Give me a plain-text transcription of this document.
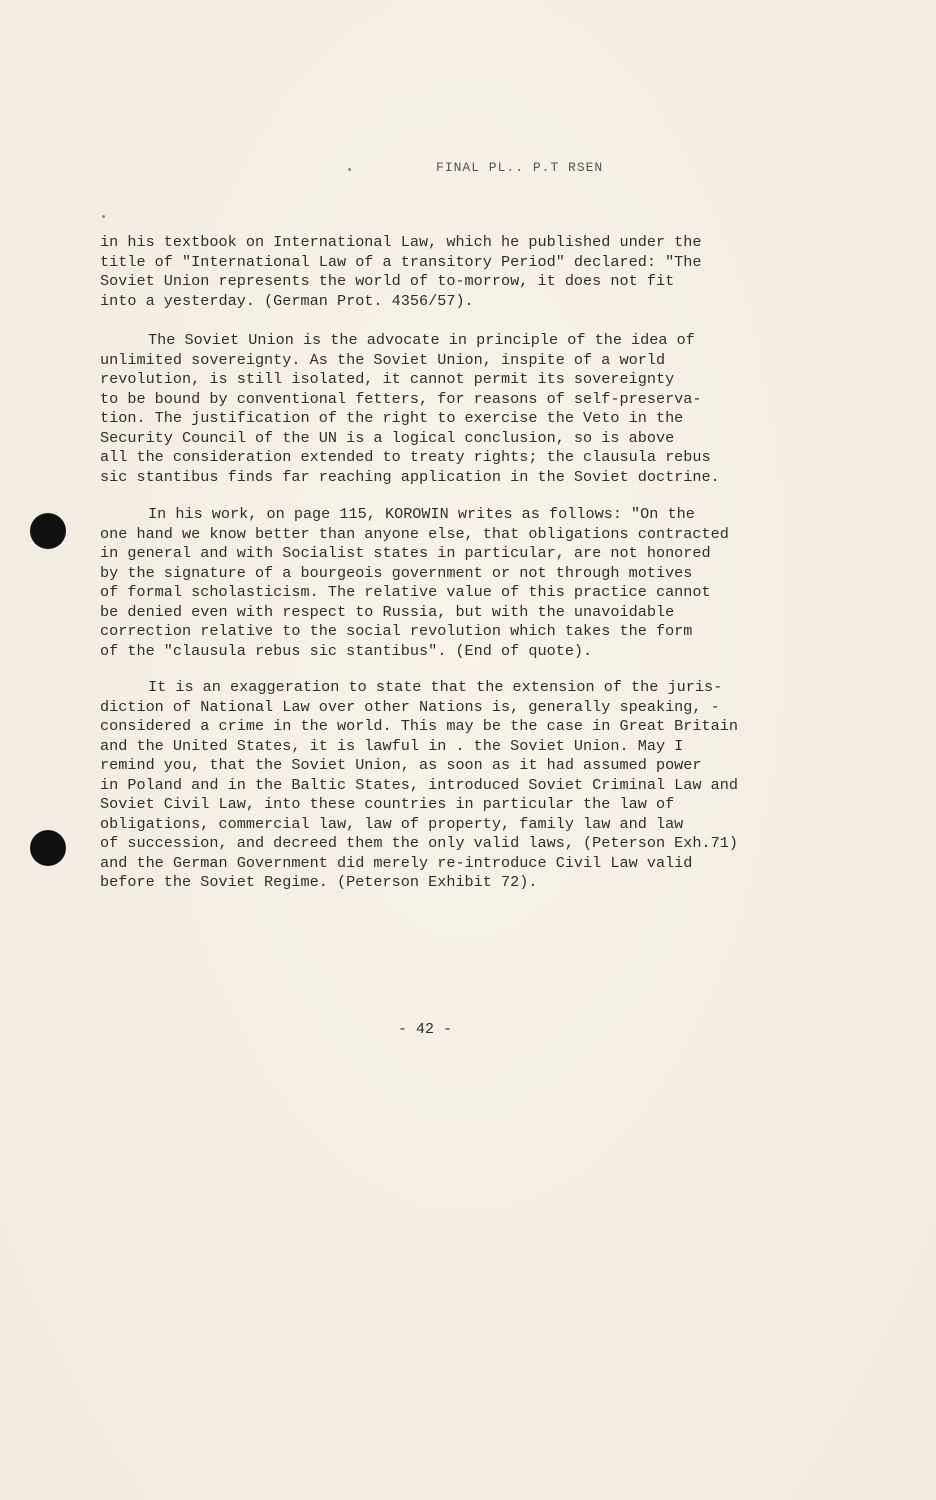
FINAL PL.. P.T RSEN
in his textbook on International Law, which he published under the
title of "International Law of a transitory Period" declared: "The
Soviet Union represents the world of to-morrow, it does not fit
into a yesterday. (German Prot. 4356/57).
The Soviet Union is the advocate in principle of the idea of
unlimited sovereignty. As the Soviet Union, inspite of a world
revolution, is still isolated, it cannot permit its sovereignty
to be bound by conventional fetters, for reasons of self-preserva-
tion. The justification of the right to exercise the Veto in the
Security Council of the UN is a logical conclusion, so is above
all the consideration extended to treaty rights; the clausula rebus
sic stantibus finds far reaching application in the Soviet doctrine.
In his work, on page 115, KOROWIN writes as follows: "On the
one hand we know better than anyone else, that obligations contracted
in general and with Socialist states in particular, are not honored
by the signature of a bourgeois government or not through motives
of formal scholasticism. The relative value of this practice cannot
be denied even with respect to Russia, but with the unavoidable
correction relative to the social revolution which takes the form
of the "clausula rebus sic stantibus". (End of quote).
It is an exaggeration to state that the extension of the juris-
diction of National Law over other Nations is, generally speaking, -
considered a crime in the world. This may be the case in Great Britain
and the United States, it is lawful in . the Soviet Union. May I
remind you, that the Soviet Union, as soon as it had assumed power
in Poland and in the Baltic States, introduced Soviet Criminal Law and
Soviet Civil Law, into these countries in particular the law of
obligations, commercial law, law of property, family law and law
of succession, and decreed them the only valid laws, (Peterson Exh.71)
and the German Government did merely re-introduce Civil Law valid
before the Soviet Regime. (Peterson Exhibit 72).
- 42 -
